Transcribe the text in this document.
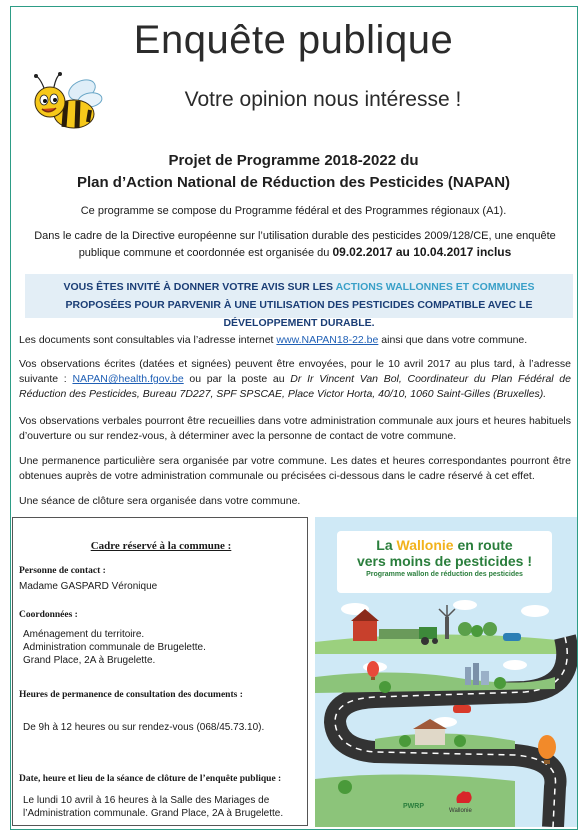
Enquête publique
Votre opinion nous intéresse !
Projet de Programme 2018-2022 du
Plan d’Action National de Réduction des Pesticides (NAPAN)
Ce programme se compose du Programme fédéral et des Programmes régionaux (A1).
Dans le cadre de la Directive européenne sur l’utilisation durable des pesticides 2009/128/CE, une enquête publique commune et coordonnée est organisée du 09.02.2017 au 10.04.2017 inclus
VOUS ÊTES INVITÉ À DONNER VOTRE AVIS SUR LES ACTIONS WALLONNES ET COMMUNES PROPOSÉES POUR PARVENIR À UNE UTILISATION DES PESTICIDES COMPATIBLE AVEC LE DÉVELOPPEMENT DURABLE.
Les documents sont consultables via l’adresse internet www.NAPAN18-22.be ainsi que dans votre commune.
Vos observations écrites (datées et signées) peuvent être envoyées, pour le 10 avril 2017 au plus tard, à l’adresse suivante : NAPAN@health.fgov.be ou par la poste au Dr Ir Vincent Van Bol, Coordinateur du Plan Fédéral de Réduction des Pesticides, Bureau 7D227, SPF SPSCAE, Place Victor Horta, 40/10, 1060 Saint-Gilles (Bruxelles).
Vos observations verbales pourront être recueillies dans votre administration communale aux jours et heures habituels d’ouverture ou sur rendez-vous, à déterminer avec la personne de contact de votre commune.
Une permanence particulière sera organisée par votre commune. Les dates et heures correspondantes pourront être obtenues auprès de votre administration communale ou précisées ci-dessous dans le cadre réservé à cet effet.
Une séance de clôture sera organisée dans votre commune.
Cadre réservé à la commune :
Personne de contact :
Madame GASPARD Véronique
Coordonnées :
Aménagement du territoire.
Administration communale de Brugelette.
Grand Place, 2A à Brugelette.
Heures de permanence de consultation des documents :
De 9h à 12 heures ou sur rendez-vous (068/45.73.10).
Date, heure et lieu de la séance de clôture de l’enquête publique :
Le lundi 10 avril à 16 heures à la Salle des Mariages de
l’Administration communale. Grand Place, 2A à Brugelette.
La Wallonie en route
vers moins de pesticides !
Programme wallon de réduction des pesticides
PWRP
Wallonie
